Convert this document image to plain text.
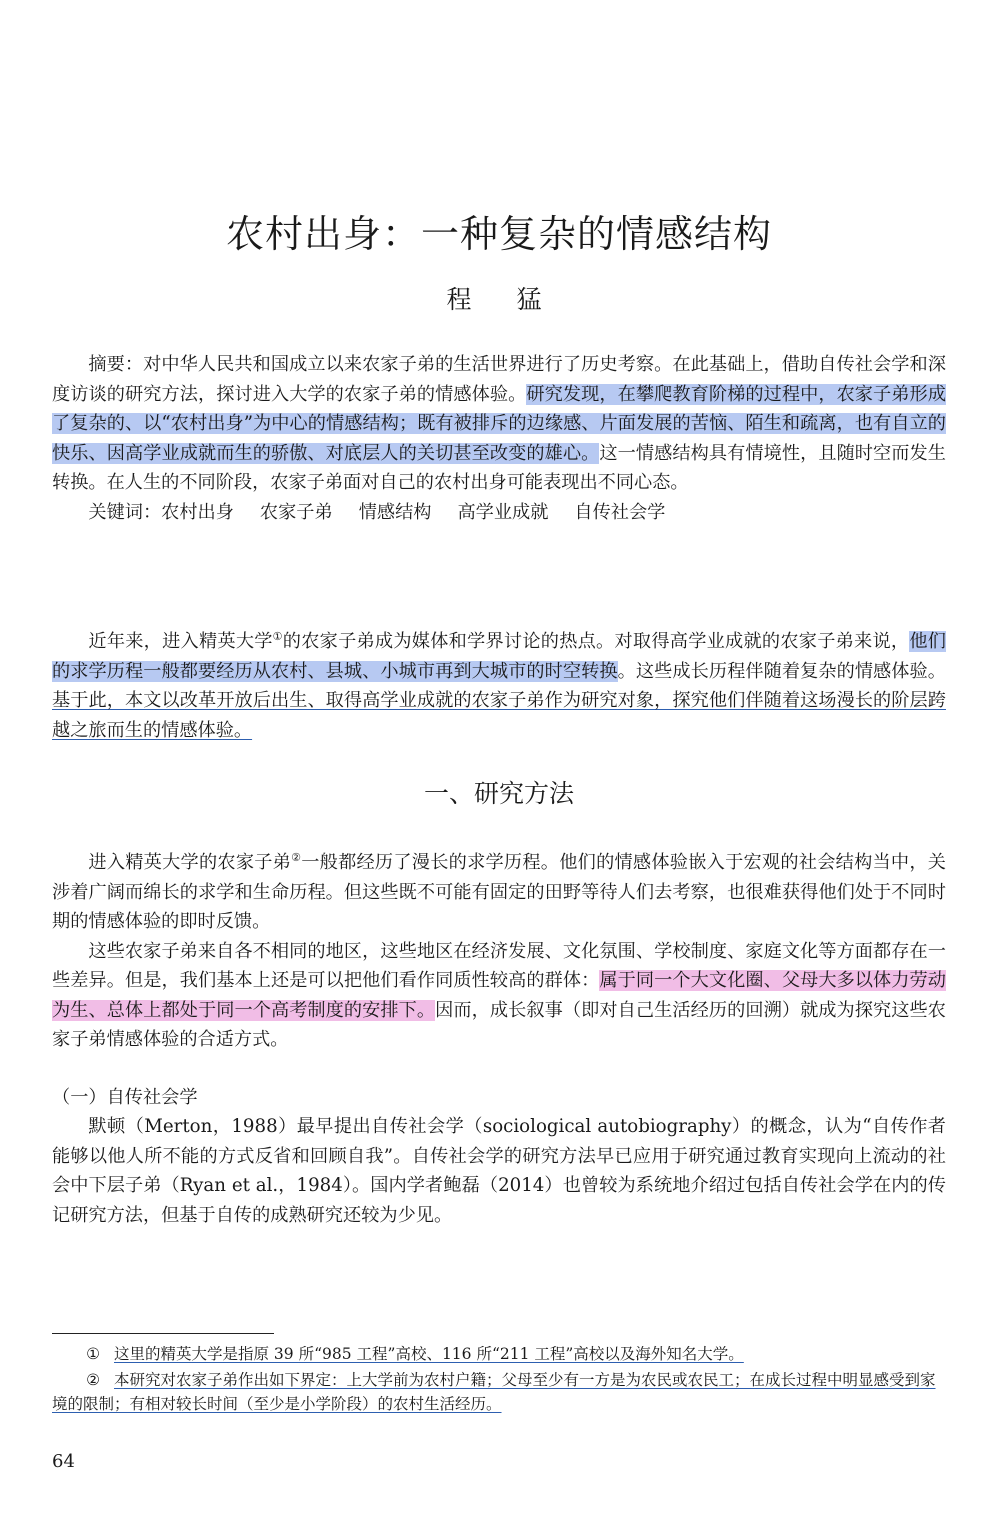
农村出身：一种复杂的情感结构
程　猛

摘要：对中华人民共和国成立以来农家子弟的生活世界进行了历史考察。在此基础上，借助自传社会学和深度访谈的研究方法，探讨进入大学的农家子弟的情感体验。研究发现，在攀爬教育阶梯的过程中，农家子弟形成了复杂的、以“农村出身”为中心的情感结构；既有被排斥的边缘感、片面发展的苦恼、陌生和疏离，也有自立的快乐、因高学业成就而生的骄傲、对底层人的关切甚至改变的雄心。这一情感结构具有情境性，且随时空而发生转换。在人生的不同阶段，农家子弟面对自己的农村出身可能表现出不同心态。

关键词：农村出身 农家子弟 情感结构 高学业成就 自传社会学

近年来，进入精英大学①的农家子弟成为媒体和学界讨论的热点。对取得高学业成就的农家子弟来说，他们的求学历程一般都要经历从农村、县城、小城市再到大城市的时空转换。这些成长历程伴随着复杂的情感体验。基于此，本文以改革开放后出生、取得高学业成就的农家子弟作为研究对象，探究他们伴随着这场漫长的阶层跨越之旅而生的情感体验。

一、研究方法

进入精英大学的农家子弟②一般都经历了漫长的求学历程。他们的情感体验嵌入于宏观的社会结构当中，关涉着广阔而绵长的求学和生命历程。但这些既不可能有固定的田野等待人们去考察，也很难获得他们处于不同时期的情感体验的即时反馈。

这些农家子弟来自各不相同的地区，这些地区在经济发展、文化氛围、学校制度、家庭文化等方面都存在一些差异。但是，我们基本上还是可以把他们看作同质性较高的群体：属于同一个大文化圈、父母大多以体力劳动为生、总体上都处于同一个高考制度的安排下。因而，成长叙事（即对自己生活经历的回溯）就成为探究这些农家子弟情感体验的合适方式。

（一）自传社会学

默顿（Merton，1988）最早提出自传社会学（sociological autobiography）的概念，认为“自传作者能够以他人所不能的方式反省和回顾自我”。自传社会学的研究方法早已应用于研究通过教育实现向上流动的社会中下层子弟（Ryan et al.，1984）。国内学者鲍磊（2014）也曾较为系统地介绍过包括自传社会学在内的传记研究方法，但基于自传的成熟研究还较为少见。

① 这里的精英大学是指原 39 所“985 工程”高校、116 所“211 工程”高校以及海外知名大学。

② 本研究对农家子弟作出如下界定：上大学前为农村户籍；父母至少有一方是为农民或农民工；在成长过程中明显感受到家境的限制；有相对较长时间（至少是小学阶段）的农村生活经历。

64
